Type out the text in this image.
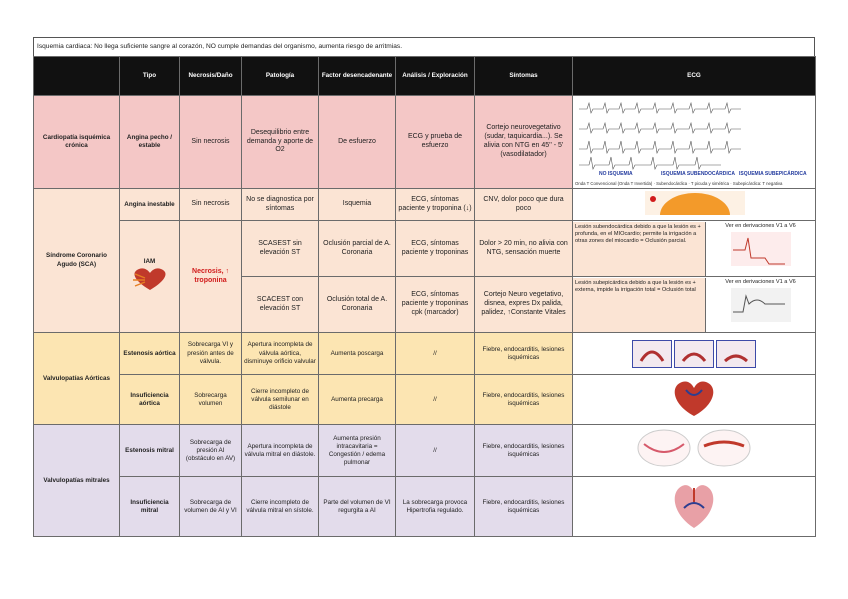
Isquemia cardiaca: No llega suficiente sangre al corazón, NO cumple demandas del organismo, aumenta riesgo de arritmias.
	Tipo	Necrosis/Daño	Patología	Factor desencadenante	Análisis / Exploración	Síntomas	ECG
Cardiopatía isquémica crónica	Angina pecho / estable	Sin necrosis	Desequilibrio entre demanda y aporte de O2	De esfuerzo	ECG y prueba de esfuerzo	Cortejo neurovegetativo (sudar, taquicardia...). Se alivia con NTG en 45'' - 5' (vasodilatador)	NO ISQUEMIA ISQUEMIA SUBENDOCÁRDICA ISQUEMIA SUBEPICÁRDICA
Onda T Convencional (Onda T Invertida) · Subendocárdica · T picuda y simétrica · Subepicárdica: T negativa

Síndrome Coronario Agudo (SCA)	Angina inestable	Sin necrosis	No se diagnostica por síntomas	Isquemia	ECG, síntomas paciente y troponina (↓)	CNV, dolor poco que dura poco	

	IAM	Necrosis, ↑ troponina	SCASEST sin elevación ST	Oclusión parcial de A. Coronaria	ECG, síntomas paciente y troponinas	Dolor > 20 min, no alivia con NTG, sensación muerte	Lesión subendocárdica debido a que la lesión es + profunda, en el MIOcardio; permite la irrigación a otras zones del miocardio = Oclusión parcial.
Ver en derivaciones V1 a V6

			SCACEST con elevación ST	Oclusión total de A. Coronaria	ECG, síntomas paciente y troponinas cpk (marcador)	Cortejo Neuro vegetativo, disnea, expres Dx palida, palidez, ↑Constante Vitales	Lesión subepicárdica debido a que la lesión es + externa, impide la irrigación total = Oclusión total
Ver en derivaciones V1 a V6

Valvulopatías Aórticas	Estenosis aórtica	Sobrecarga VI y presión antes de válvula.	Apertura incompleta de válvula aórtica, disminuye orificio valvular	Aumenta poscarga	//	Fiebre, endocarditis, lesiones isquémicas	

	Insuficiencia aórtica	Sobrecarga volumen	Cierre incompleto de válvula semilunar en diástole	Aumenta precarga	//	Fiebre, endocarditis, lesiones isquémicas	
Valvulopatías mitrales	Estenosis mitral	Sobrecarga de presión AI (obstáculo en AV)	Apertura incompleta de válvula mitral en diástole.	Aumenta presión intracavitaria = Congestión / edema pulmonar	//	Fiebre, endocarditis, lesiones isquémicas	
	Insuficiencia mitral	Sobrecarga de volumen de AI y VI	Cierre incompleto de válvula mitral en sístole.	Parte del volumen de VI regurgita a AI	La sobrecarga provoca Hipertrofia regulado.	Fiebre, endocarditis, lesiones isquémicas	
